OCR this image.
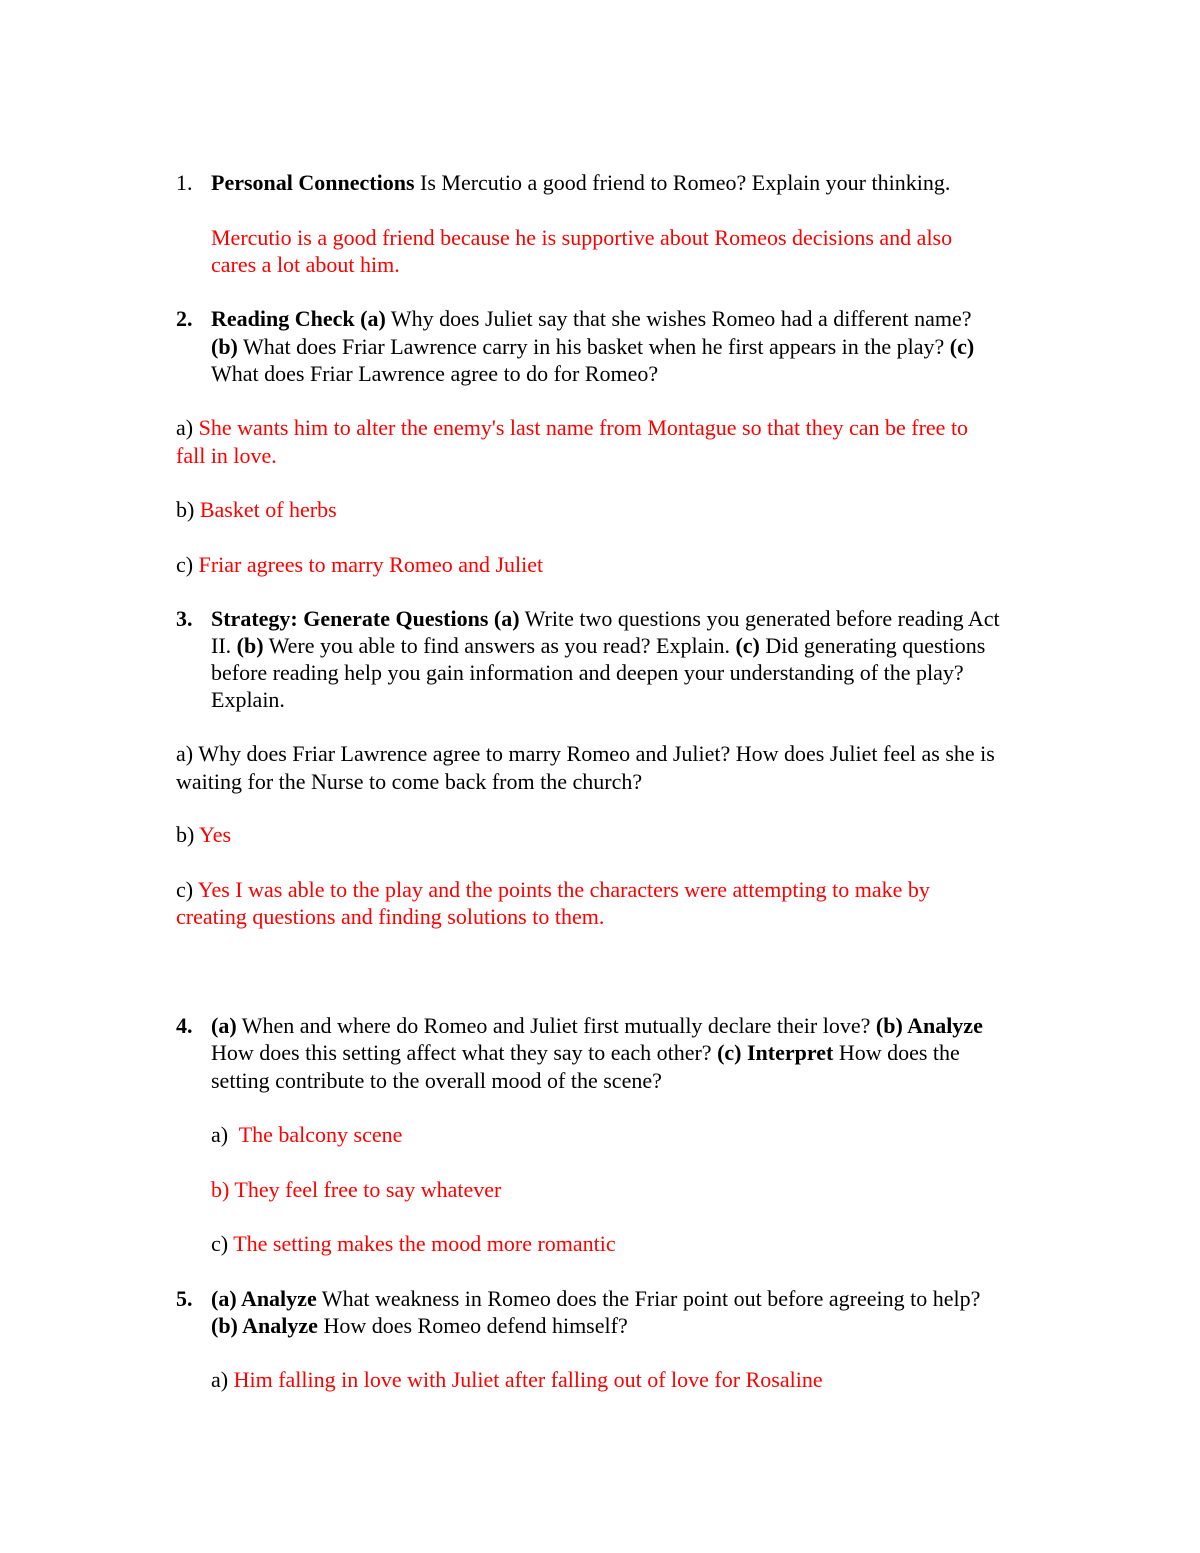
1. Personal Connections Is Mercutio a good friend to Romeo? Explain your thinking.
Mercutio is a good friend because he is supportive about Romeos decisions and also
cares a lot about him.
2. Reading Check (a) Why does Juliet say that she wishes Romeo had a different name?
(b) What does Friar Lawrence carry in his basket when he first appears in the play? (c)
What does Friar Lawrence agree to do for Romeo?
a) She wants him to alter the enemy's last name from Montague so that they can be free to
fall in love.
b) Basket of herbs
c) Friar agrees to marry Romeo and Juliet
3. Strategy: Generate Questions (a) Write two questions you generated before reading Act
II. (b) Were you able to find answers as you read? Explain. (c) Did generating questions
before reading help you gain information and deepen your understanding of the play?
Explain.
a) Why does Friar Lawrence agree to marry Romeo and Juliet? How does Juliet feel as she is
waiting for the Nurse to come back from the church?
b) Yes
c) Yes I was able to the play and the points the characters were attempting to make by
creating questions and finding solutions to them.
4. (a) When and where do Romeo and Juliet first mutually declare their love? (b) Analyze
How does this setting affect what they say to each other? (c) Interpret How does the
setting contribute to the overall mood of the scene?
a)  The balcony scene
b) They feel free to say whatever
c) The setting makes the mood more romantic
5. (a) Analyze What weakness in Romeo does the Friar point out before agreeing to help?
(b) Analyze How does Romeo defend himself?
a) Him falling in love with Juliet after falling out of love for Rosaline
